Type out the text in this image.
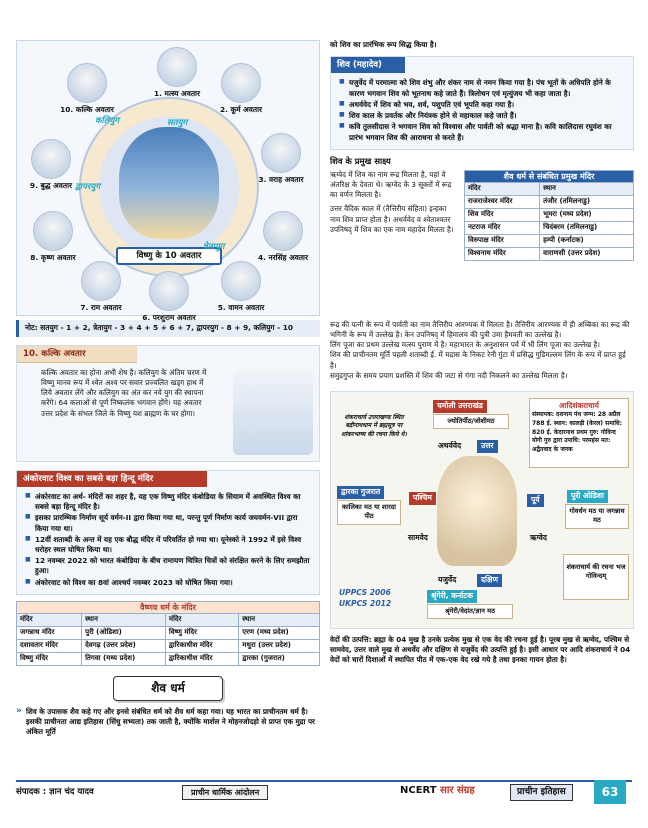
विष्णु के 10 अवतार
सतयुग
त्रेतायुग
द्वापरयुग
कलियुग
1. मत्स्य अवतार
2. कूर्म अवतार
3. वराह अवतार
4. नरसिंह अवतार
5. वामन अवतार
6. परशुराम अवतार
7. राम अवतार
8. कृष्ण अवतार
9. बुद्ध अवतार
10. कल्कि अवतार
नोट: सतयुग - 1 + 2, त्रेतायुग - 3 + 4 + 5 + 6 + 7, द्वापरयुग - 8 + 9, कलियुग - 10
10. कल्कि अवतार
कल्कि अवतार का होना अभी शेष है। कलियुग के अंतिम चरण में विष्णु मानव रूप में श्वेत अश्व पर सवार प्रज्वलित खड्ग हाथ में लिये अवतार लेंगे और कलियुग का अंत कर नये युग की स्थापना करेंगे। 64 कलाओं से पूर्ण निष्कलंक भगवान होंगे। यह अवतार उत्तर प्रदेश के संभल जिले के विष्णु यश ब्राह्मण के घर होगा।
अंकोरवाट विश्व का सबसे बड़ा हिन्दू मंदिर
■ अंकोरवाट का अर्थ- मंदिरों का शहर है, यह एक विष्णु मंदिर कंबोडिया के सियाम में अवस्थित विश्व का सबसे बड़ा हिन्दू मंदिर है।
■ इसका प्रारम्भिक निर्माण सूर्य वर्मन-II द्वारा किया गया था, परन्तु पूर्ण निर्माण कार्य जयवर्मन-VII द्वारा किया गया था।
■ 12वीं शताब्दी के अन्त में यह एक बौद्ध मंदिर में परिवर्तित हो गया था। यूनेस्को ने 1992 में इसे विश्व धरोहर स्थल घोषित किया था।
■ 12 नवम्बर 2022 को भारत कंबोडिया के बीच रामायण चित्रित चित्रों को संरक्षित करने के लिए समझौता हुआ।
■ अंकोरवाट को विश्व का 8वां आश्चर्य नवम्बर 2023 को घोषित किया गया।
वैष्णव धर्म के मंदिर
मंदिर	स्थान	मंदिर	स्थान
जगन्नाथ मंदिर	पुरी (ओडिशा)	विष्णु मंदिर	एरण (मध्य प्रदेश)
दशावतार मंदिर	देवगढ़ (उत्तर प्रदेश)	द्वारिकाधीश मंदिर	मथुरा (उत्तर प्रदेश)
विष्णु मंदिर	तिगवा (मध्य प्रदेश)	द्वारिकाधीश मंदिर	द्वारका (गुजरात)
शैव धर्म
» शिव के उपासक शैव कहे गए और इनसे संबंधित धर्म को शैव धर्म कहा गया। यह भारत का प्राचीनतम धर्म है। इसकी प्राचीनता आद्य इतिहास (सिंधु सभ्यता) तक जाती है, क्योंकि मार्शल ने मोहनजोदड़ो से प्राप्त एक मुद्रा पर अंकित मूर्ति
को शिव का प्रारंभिक रूप सिद्ध किया है।
शिव (महादेव)
■ यजुर्वेद में परमात्मा को शिव शंभु और शंकर नाम से नमन किया गया है। पंच भूतों के अधिपति होने के कारण भगवान शिव को भूतनाथ कहे जाते हैं। त्रिलोचन एवं मृत्युंजय भी कहा जाता है।
■ अथर्ववेद में शिव को भव, शर्व, पशुपति एवं भूपति कहा गया है।
■ शिव काल के प्रवर्तक और नियंत्रक होने से महाकाल कहे जाते हैं।
■ कवि तुलसीदास ने भगवान शिव को विश्वास और पार्वती को श्रद्धा माना है। कवि कालिदास रघुवंश का प्रारंभ भगवान शिव की आराधना से करते हैं।
शिव के प्रमुख साक्ष्य
ऋग्वेद में शिव का नाम रूद्र मिलता है, यहां वे अंतरिक्ष के देवता थे। ऋग्वेद के 3 सूक्तों में रूद्र का वर्णन मिलता है।
उत्तर वैदिक काल में (तैत्तिरीय संहिता) इन्हका नाम शिव प्राप्त होता है। अथर्ववेद व श्वेताश्वतर उपनिषद् में शिव का एक नाम महादेव मिलता है।
शैव धर्म से संबंधित प्रमुख मंदिर
मंदिर	स्थान
राजराजेश्वर मंदिर	तंजौर (तमिलनाडु)
शिव मंदिर	भूमरा (मध्य प्रदेश)
नटराज मंदिर	चिदंबरम (तमिलनाडु)
विरुपाक्ष मंदिर	हम्पी (कर्नाटक)
विश्वनाथ मंदिर	वाराणसी (उत्तर प्रदेश)
रूद्र की पत्नी के रूप में पार्वती का नाम तैत्तिरीय आरण्यक में मिलता है। तैत्तिरीय आरण्यक में ही अम्बिका का रूद्र की भगिनी के रूप में उल्लेख है। केन उपनिषद् में हिमालय की पुत्री उमा हैमवती का उल्लेख है।
लिंग पूजा का प्रथम उल्लेख मत्स्य पुराण में है। महाभारत के अनुशासन पर्व में भी लिंग पूजा का उल्लेख है।
शिव की प्राचीनतम मूर्ति पहली शताब्दी ई. में मद्रास के निकट रेनी गुंटा में प्रसिद्ध गुडिमल्लम लिंग के रूप में प्राप्त हुई है।
समुद्रगुप्त के समय प्रयाग प्रशस्ति में शिव की जटा से गंगा नदी निकलने का उल्लेख मिलता है।
आदिशंकराचार्य
संस्थापक: दशनाम पंथ जन्म: 28 अप्रैल 788 ई. स्थान: कालड़ी (केरल) समाधि: 820 ई. केदारनाथ प्रथम गुरु: गोविन्द योगी गुरु द्वारा उपाधि: परमहंस मत: अद्वैतवाद के जनक
शंकराचार्य उत्तराखण्ड स्थित बद्रीनाथधाम में ब्रह्मसूत्र पर शांकरभाष्य की रचना किये थे।
चमोली उत्तराखंड
ज्योतिर्पीठ/जोशीमठ
अथर्ववेद	उत्तर
द्वारका गुजरात
कालिका मठ या शारदा पीठ
पश्चिम
सामवेद
पुरी ओडिशा
गोवर्धन मठ या जगन्नाथ मठ
पूर्व
ऋग्वेद
यजुर्वेद	दक्षिण
श्रृंगेरी, कर्नाटक
श्रृंगेरी/वेदांत/ज्ञान मठ
शंकराचार्य की रचना भज गोविन्दम्
UPPCS 2006
UKPCS 2012
वेदों की उत्पत्ति: ब्रह्मा के 04 मुख है उनके प्रत्येक मुख से एक वेद की रचना हुई है। पूरब मुख से ऋग्वेद, पश्चिम से सामवेद, उत्तर वाले मुख से अथर्वेद और दक्षिण से यजुर्वेद की उत्पत्ति हुई है। इसी आधार पर आदि शंकराचार्य ने 04 वेदों को चारों दिशाओं में स्थापित पीठ में एक-एक वेद रखे गये है तथा इनका गायन होता है।
संपादक : ज्ञान चंद यादव	प्राचीन धार्मिक आंदोलन	NCERT सार संग्रह	प्राचीन इतिहास	63
